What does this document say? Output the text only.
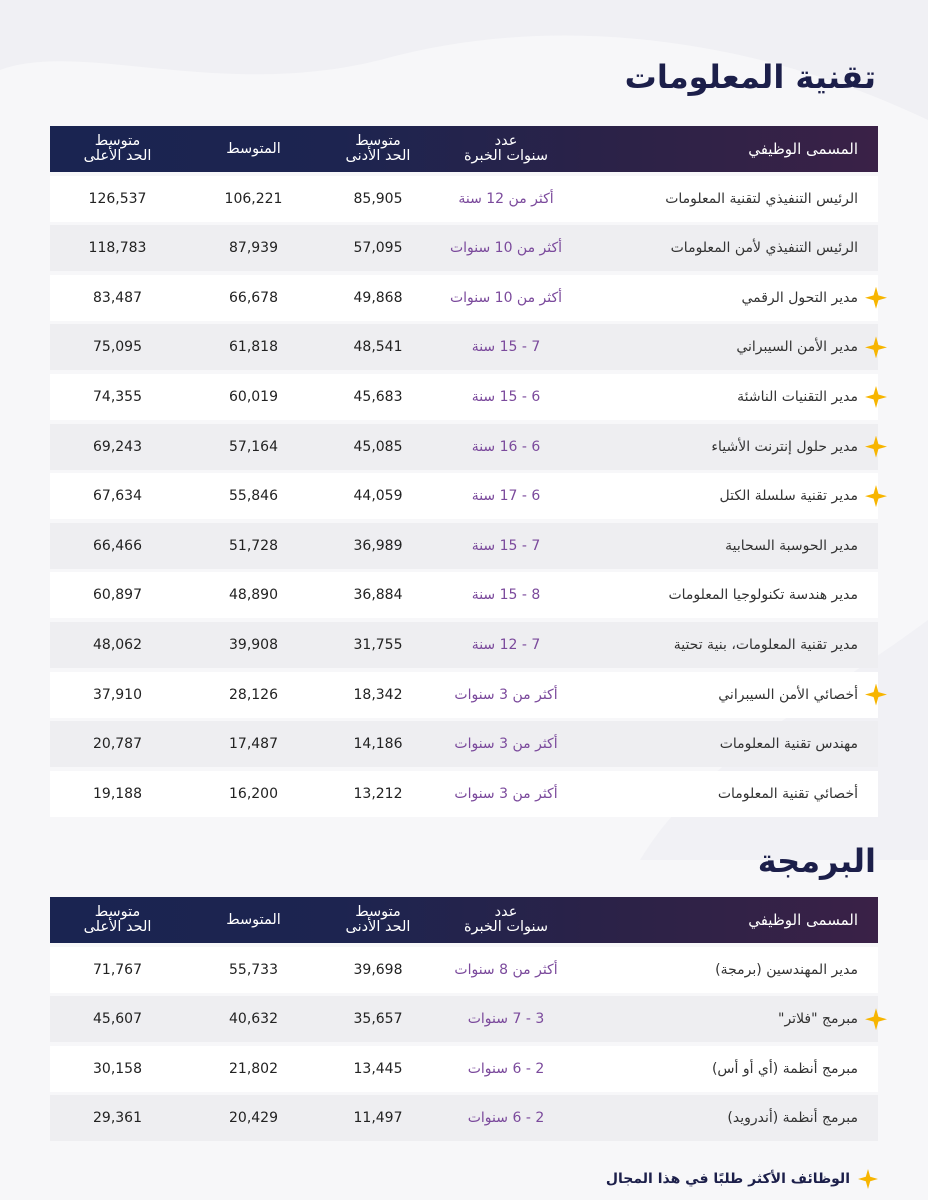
تقنية المعلومات
المسمى الوظيفي
عدد
سنوات الخبرة
متوسط
الحد الأدنى
المتوسط
متوسط
الحد الأعلى
الرئيس التنفيذي لتقنية المعلومات
أكثر من 12 سنة
85,905
106,221
126,537
الرئيس التنفيذي لأمن المعلومات
أكثر من 10 سنوات
57,095
87,939
118,783
مدير التحول الرقمي
أكثر من 10 سنوات
49,868
66,678
83,487
مدير الأمن السيبراني
7 - 15 سنة
48,541
61,818
75,095
مدير التقنيات الناشئة
6 - 15 سنة
45,683
60,019
74,355
مدير حلول إنترنت الأشياء
6 - 16 سنة
45,085
57,164
69,243
مدير تقنية سلسلة الكتل
6 - 17 سنة
44,059
55,846
67,634
مدير الحوسبة السحابية
7 - 15 سنة
36,989
51,728
66,466
مدير هندسة تكنولوجيا المعلومات
8 - 15 سنة
36,884
48,890
60,897
مدير تقنية المعلومات، بنية تحتية
7 - 12 سنة
31,755
39,908
48,062
أخصائي الأمن السيبراني
أكثر من 3 سنوات
18,342
28,126
37,910
مهندس تقنية المعلومات
أكثر من 3 سنوات
14,186
17,487
20,787
أخصائي تقنية المعلومات
أكثر من 3 سنوات
13,212
16,200
19,188
البرمجة
المسمى الوظيفي
عدد
سنوات الخبرة
متوسط
الحد الأدنى
المتوسط
متوسط
الحد الأعلى
مدير المهندسين (برمجة)
أكثر من 8 سنوات
39,698
55,733
71,767
مبرمج "فلاتر"
3 - 7 سنوات
35,657
40,632
45,607
مبرمج أنظمة (أي أو أس)
2 - 6 سنوات
13,445
21,802
30,158
مبرمج أنظمة (أندرويد)
2 - 6 سنوات
11,497
20,429
29,361
الوظائف الأكثر طلبًا في هذا المجال
